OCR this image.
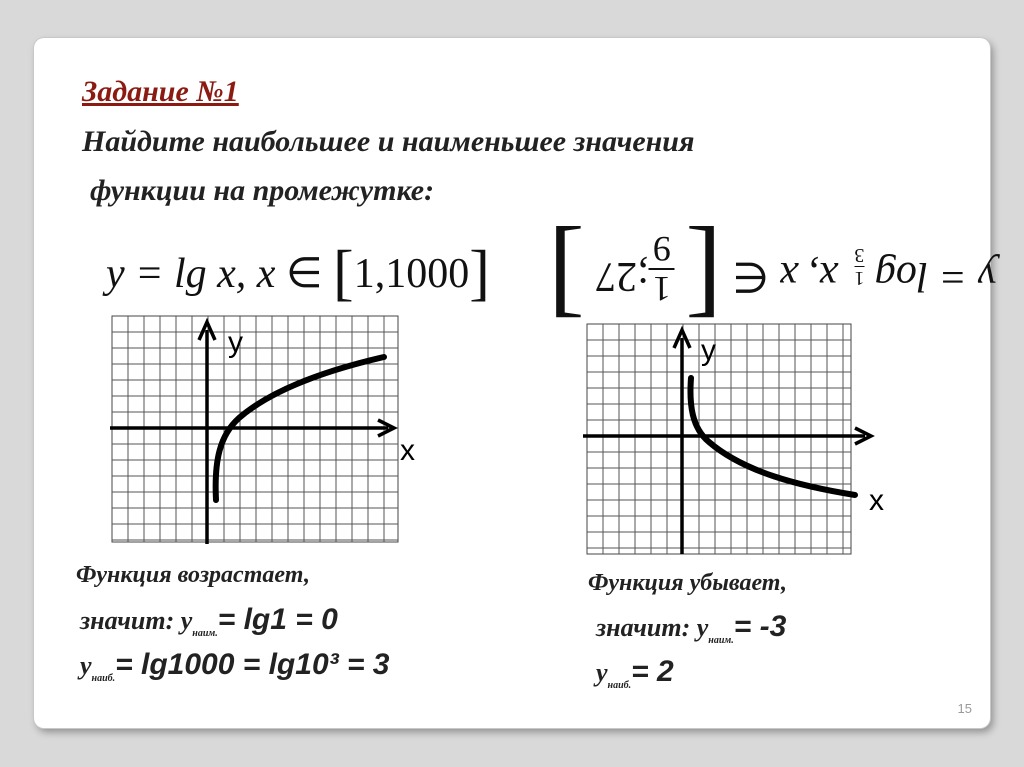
Задание №1
Найдите наибольшее и наименьшее значения
функции на промежутке:
y = lg x, x ∈ [1,1000]	y = log
1
3
x, x ∈ [
1
9
;27 ]
y
x
y
x
Функция возрастает,
значит: $y_{наим.}= \lg 1 = 0$
$y_{наиб.}= \lg 1000 = \lg 10^3 = 3$
Функция убывает,
значит: $y_{наим.}= -3$
$y_{наиб.}= 2$
15
